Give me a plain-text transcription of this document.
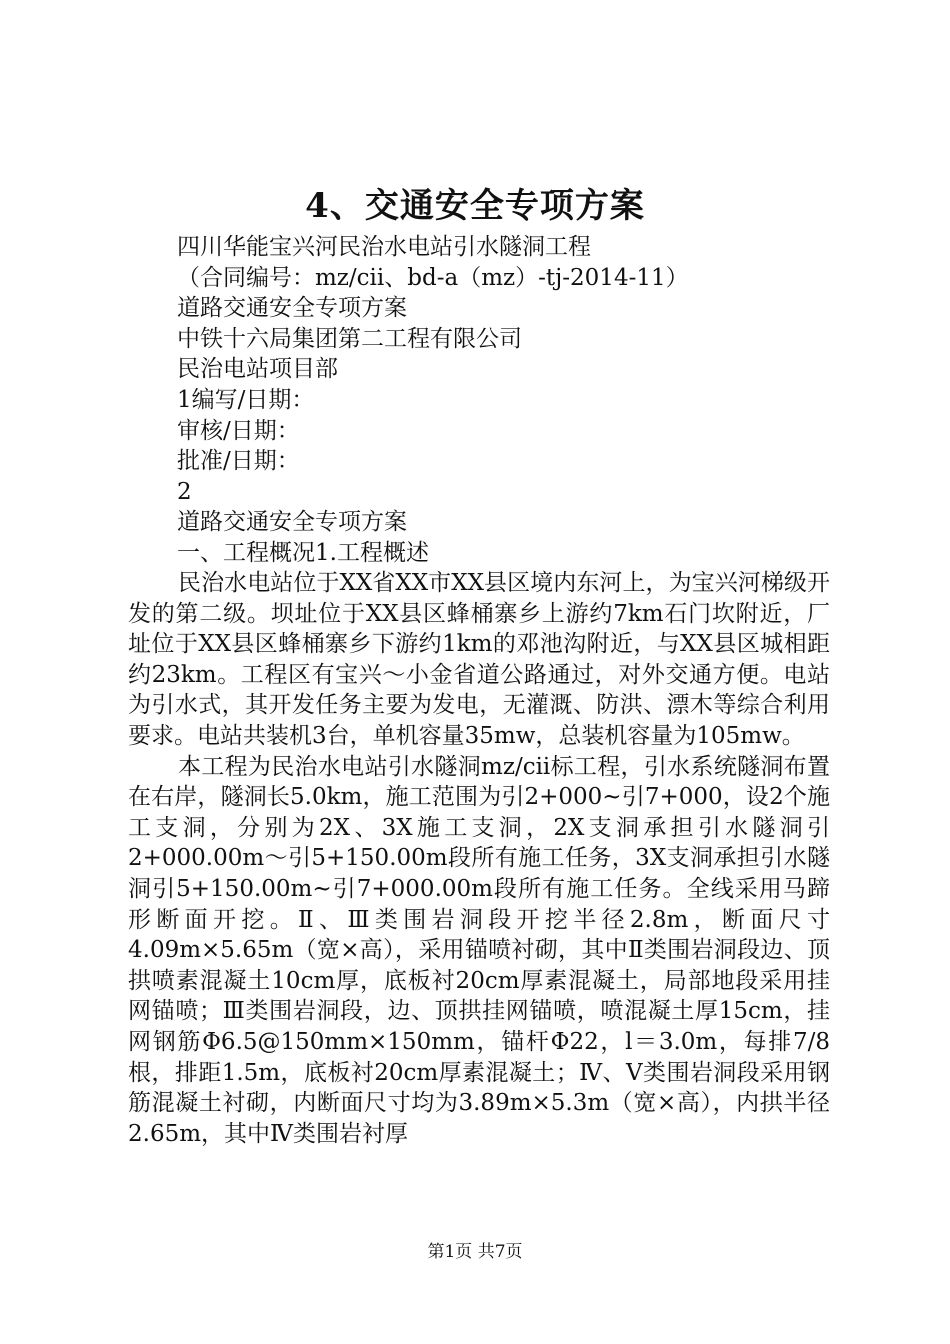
4、交通安全专项方案
四川华能宝兴河民治水电站引水隧洞工程
（合同编号：mz/cii、bd-a（mz）-tj-2014-11）
道路交通安全专项方案
中铁十六局集团第二工程有限公司
民治电站项目部
1编写/日期：
审核/日期：
批准/日期：
2
道路交通安全专项方案
一、工程概况1.工程概述

民治水电站位于XX省XX市XX县区境内东河上，为宝兴河梯级开发的第二级。坝址位于XX县区蜂桶寨乡上游约7km石门坎附近，厂址位于XX县区蜂桶寨乡下游约1km的邓池沟附近，与XX县区城相距约23km。工程区有宝兴～小金省道公路通过，对外交通方便。电站为引水式，其开发任务主要为发电，无灌溉、防洪、漂木等综合利用要求。电站共装机3台，单机容量35mw，总装机容量为105mw。

本工程为民治水电站引水隧洞mz/cii标工程，引水系统隧洞布置在右岸，隧洞长5.0km，施工范围为引2+000~引7+000，设2个施工支洞，分别为2X、3X施工支洞，2X支洞承担引水隧洞引2+000.00m～引5+150.00m段所有施工任务，3X支洞承担引水隧洞引5+150.00m~引7+000.00m段所有施工任务。全线采用马蹄形断面开挖。Ⅱ、Ⅲ类围岩洞段开挖半径2.8m，断面尺寸4.09m×5.65m（宽×高），采用锚喷衬砌，其中Ⅱ类围岩洞段边、顶拱喷素混凝土10cm厚，底板衬20cm厚素混凝土，局部地段采用挂网锚喷；Ⅲ类围岩洞段，边、顶拱挂网锚喷，喷混凝土厚15cm，挂网钢筋Φ6.5@150mm×150mm，锚杆Φ22，l＝3.0m，每排7/8根，排距1.5m，底板衬20cm厚素混凝土；Ⅳ、Ⅴ类围岩洞段采用钢筋混凝土衬砌，内断面尺寸均为3.89m×5.3m（宽×高），内拱半径2.65m，其中Ⅳ类围岩衬厚

第1页 共7页
